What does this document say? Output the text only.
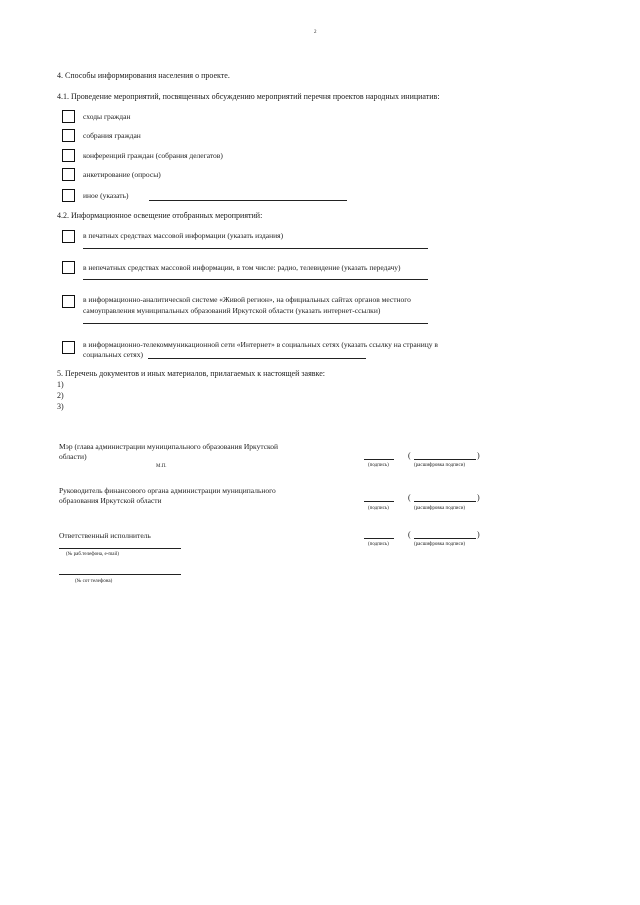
2
4. Способы информирования населения о проекте.
4.1. Проведение мероприятий, посвященных обсуждению мероприятий перечня проектов народных инициатив:
сходы граждан
собрания граждан
конференций граждан (собрания делегатов)
анкетирование (опросы)
иное (указать)
4.2. Информационное освещение отобранных мероприятий:
в печатных средствах массовой информации (указать издания)
в непечатных средствах массовой информации, в том числе: радио, телевидение (указать передачу)
в информационно-аналитической системе «Живой регион», на официальных сайтах органов местного
самоуправления муниципальных образований Иркутской области (указать интернет-ссылки)
в информационно-телекоммуникационной сети «Интернет» в социальных сетях (указать ссылку на страницу в
социальных сетях)
5. Перечень документов и иных материалов, прилагаемых к настоящей заявке:
1)
2)
3)
Мэр (глава администрации муниципального образования Иркутской
области)
М.П.	(подпись)
(	)
(расшифровка подписи)
Руководитель финансового органа администрации муниципального
образования Иркутской области
(подпись)
(	)
(расшифровка подписи)
Ответственный исполнитель
(подпись)
(	)
(расшифровка подписи)
(№ раб.телефона, e-mail)
(№ сот телефона)
